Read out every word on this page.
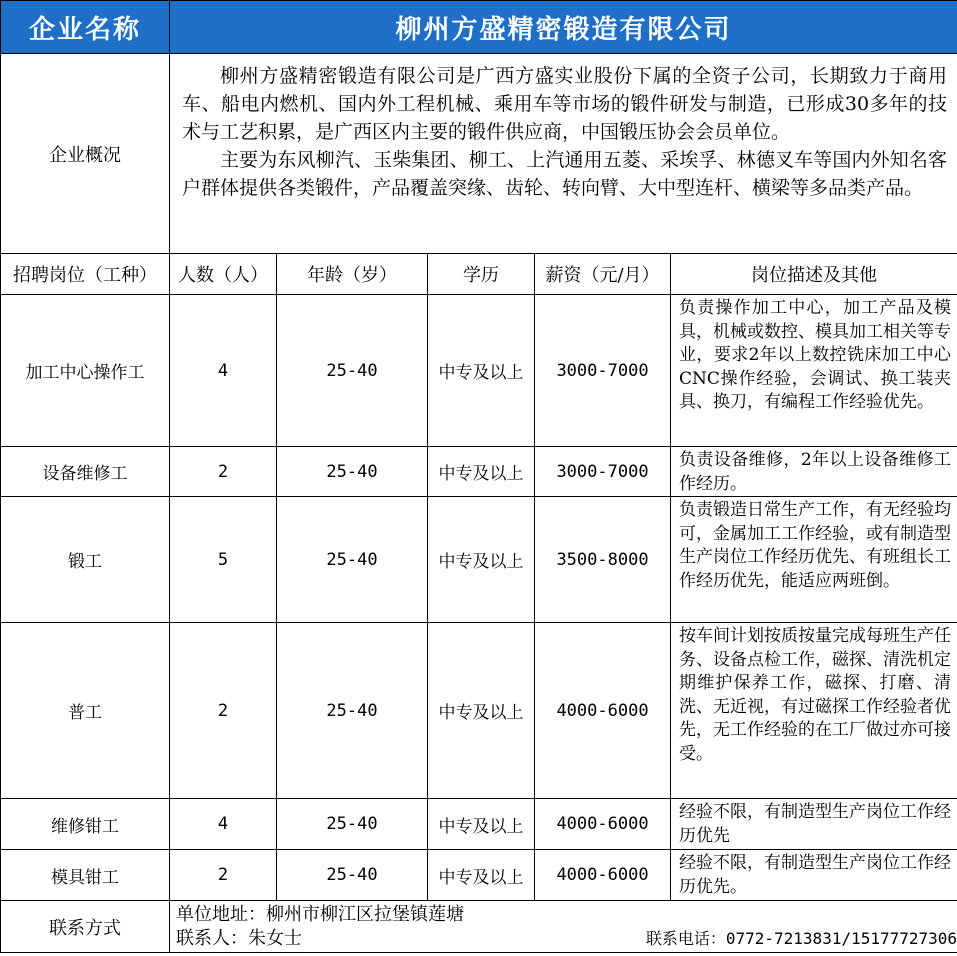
企业名称	柳州方盛精密锻造有限公司				
企业概况	柳州方盛精密锻造有限公司是广西方盛实业股份下属的全资子公司，长期致力于商用车、船电内燃机、国内外工程机械、乘用车等市场的锻件研发与制造，已形成30多年的技术与工艺积累，是广西区内主要的锻件供应商，中国锻压协会会员单位。

主要为东风柳汽、玉柴集团、柳工、上汽通用五菱、采埃孚、林德叉车等国内外知名客户群体提供各类锻件，产品覆盖突缘、齿轮、转向臂、大中型连杆、横梁等多品类产品。				

招聘岗位（工种）	人数（人）	年龄（岁）	学历	薪资（元/月）	岗位描述及其他
加工中心操作工	4	25-40	中专及以上	3000-7000	负责操作加工中心，加工产品及模具，机械或数控、模具加工相关等专业，要求2年以上数控铣床加工中心CNC操作经验，会调试、换工装夹具、换刀，有编程工作经验优先。
设备维修工	2	25-40	中专及以上	3000-7000	负责设备维修，2年以上设备维修工作经历。
锻工	5	25-40	中专及以上	3500-8000	负责锻造日常生产工作，有无经验均可，金属加工工作经验，或有制造型生产岗位工作经历优先、有班组长工作经历优先，能适应两班倒。
普工	2	25-40	中专及以上	4000-6000	按车间计划按质按量完成每班生产任务、设备点检工作，磁探、清洗机定期维护保养工作，磁探、打磨、清洗、无近视，有过磁探工作经验者优先，无工作经验的在工厂做过亦可接受。
维修钳工	4	25-40	中专及以上	4000-6000	经验不限，有制造型生产岗位工作经历优先
模具钳工	2	25-40	中专及以上	4000-6000	经验不限，有制造型生产岗位工作经历优先。
联系方式	单位地址：柳州市柳江区拉堡镇莲塘
联系人：朱女士 联系电话：0772-7213831/15177727306				
